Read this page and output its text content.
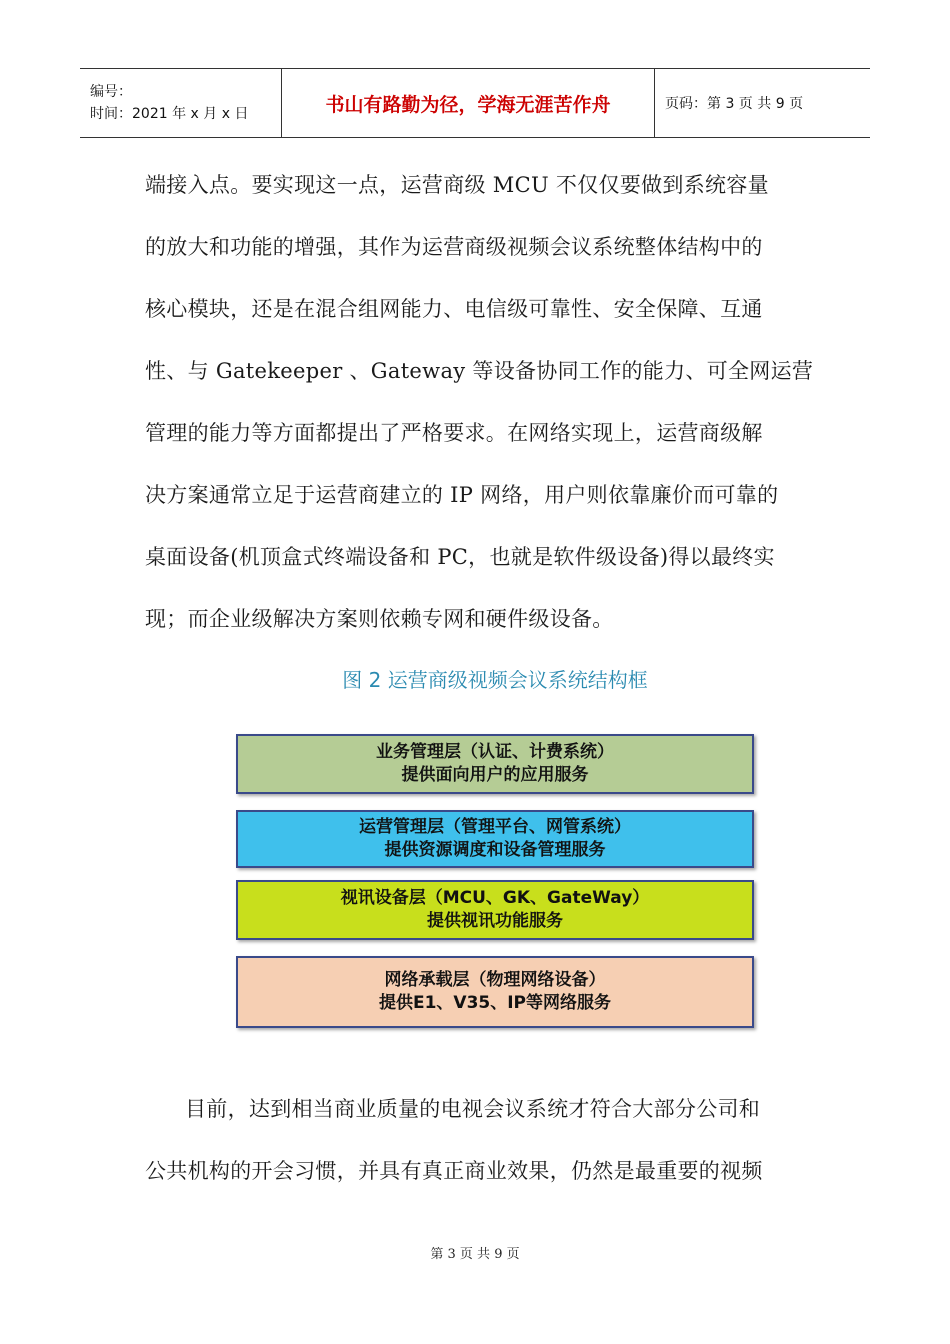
编号：
时间：2021 年 x 月 x 日	书山有路勤为径，学海无涯苦作舟	页码：第 3 页 共 9 页
端接入点。要实现这一点，运营商级 MCU 不仅仅要做到系统容量
的放大和功能的增强，其作为运营商级视频会议系统整体结构中的
核心模块，还是在混合组网能力、电信级可靠性、安全保障、互通
性、与 Gatekeeper 、Gateway 等设备协同工作的能力、可全网运营
管理的能力等方面都提出了严格要求。在网络实现上，运营商级解
决方案通常立足于运营商建立的 IP 网络，用户则依靠廉价而可靠的
桌面设备(机顶盒式终端设备和 PC，也就是软件级设备)得以最终实
现；而企业级解决方案则依赖专网和硬件级设备。
图 2 运营商级视频会议系统结构框
业务管理层（认证、计费系统）
提供面向用户的应用服务
运营管理层（管理平台、网管系统）
提供资源调度和设备管理服务
视讯设备层（MCU、GK、GateWay）
提供视讯功能服务
网络承载层（物理网络设备）
提供E1、V35、IP等网络服务
目前，达到相当商业质量的电视会议系统才符合大部分公司和
公共机构的开会习惯，并具有真正商业效果，仍然是最重要的视频
第 3 页 共 9 页
